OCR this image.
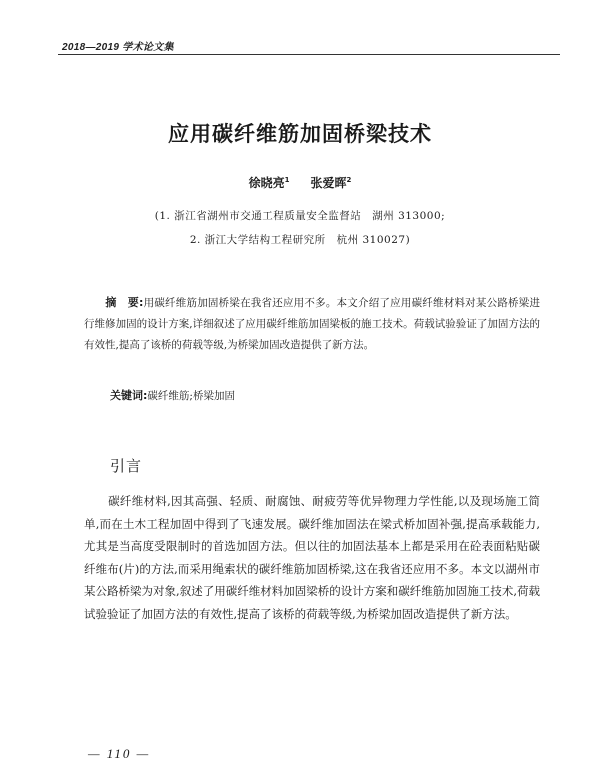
2018—2019 学术论文集
应用碳纤维筋加固桥梁技术
徐晓亮$^1$ 张爱晖$^2$
(1. 浙江省湖州市交通工程质量安全监督站　湖州 313000;
2. 浙江大学结构工程研究所　杭州 310027)
摘　要:用碳纤维筋加固桥梁在我省还应用不多。本文介绍了应用碳纤维材料对某公路桥梁进行维修加固的设计方案,详细叙述了应用碳纤维筋加固梁板的施工技术。荷载试验验证了加固方法的有效性,提高了该桥的荷载等级,为桥梁加固改造提供了新方法。
关键词:碳纤维筋;桥梁加固
引言

碳纤维材料,因其高强、轻质、耐腐蚀、耐疲劳等优异物理力学性能,以及现场施工简单,而在土木工程加固中得到了飞速发展。碳纤维加固法在梁式桥加固补强,提高承载能力,尤其是当高度受限制时的首选加固方法。但以往的加固法基本上都是采用在砼表面粘贴碳纤维布(片)的方法,而采用绳索状的碳纤维筋加固桥梁,这在我省还应用不多。本文以湖州市某公路桥梁为对象,叙述了用碳纤维材料加固梁桥的设计方案和碳纤维筋加固施工技术,荷载试验验证了加固方法的有效性,提高了该桥的荷载等级,为桥梁加固改造提供了新方法。

— 110 —
